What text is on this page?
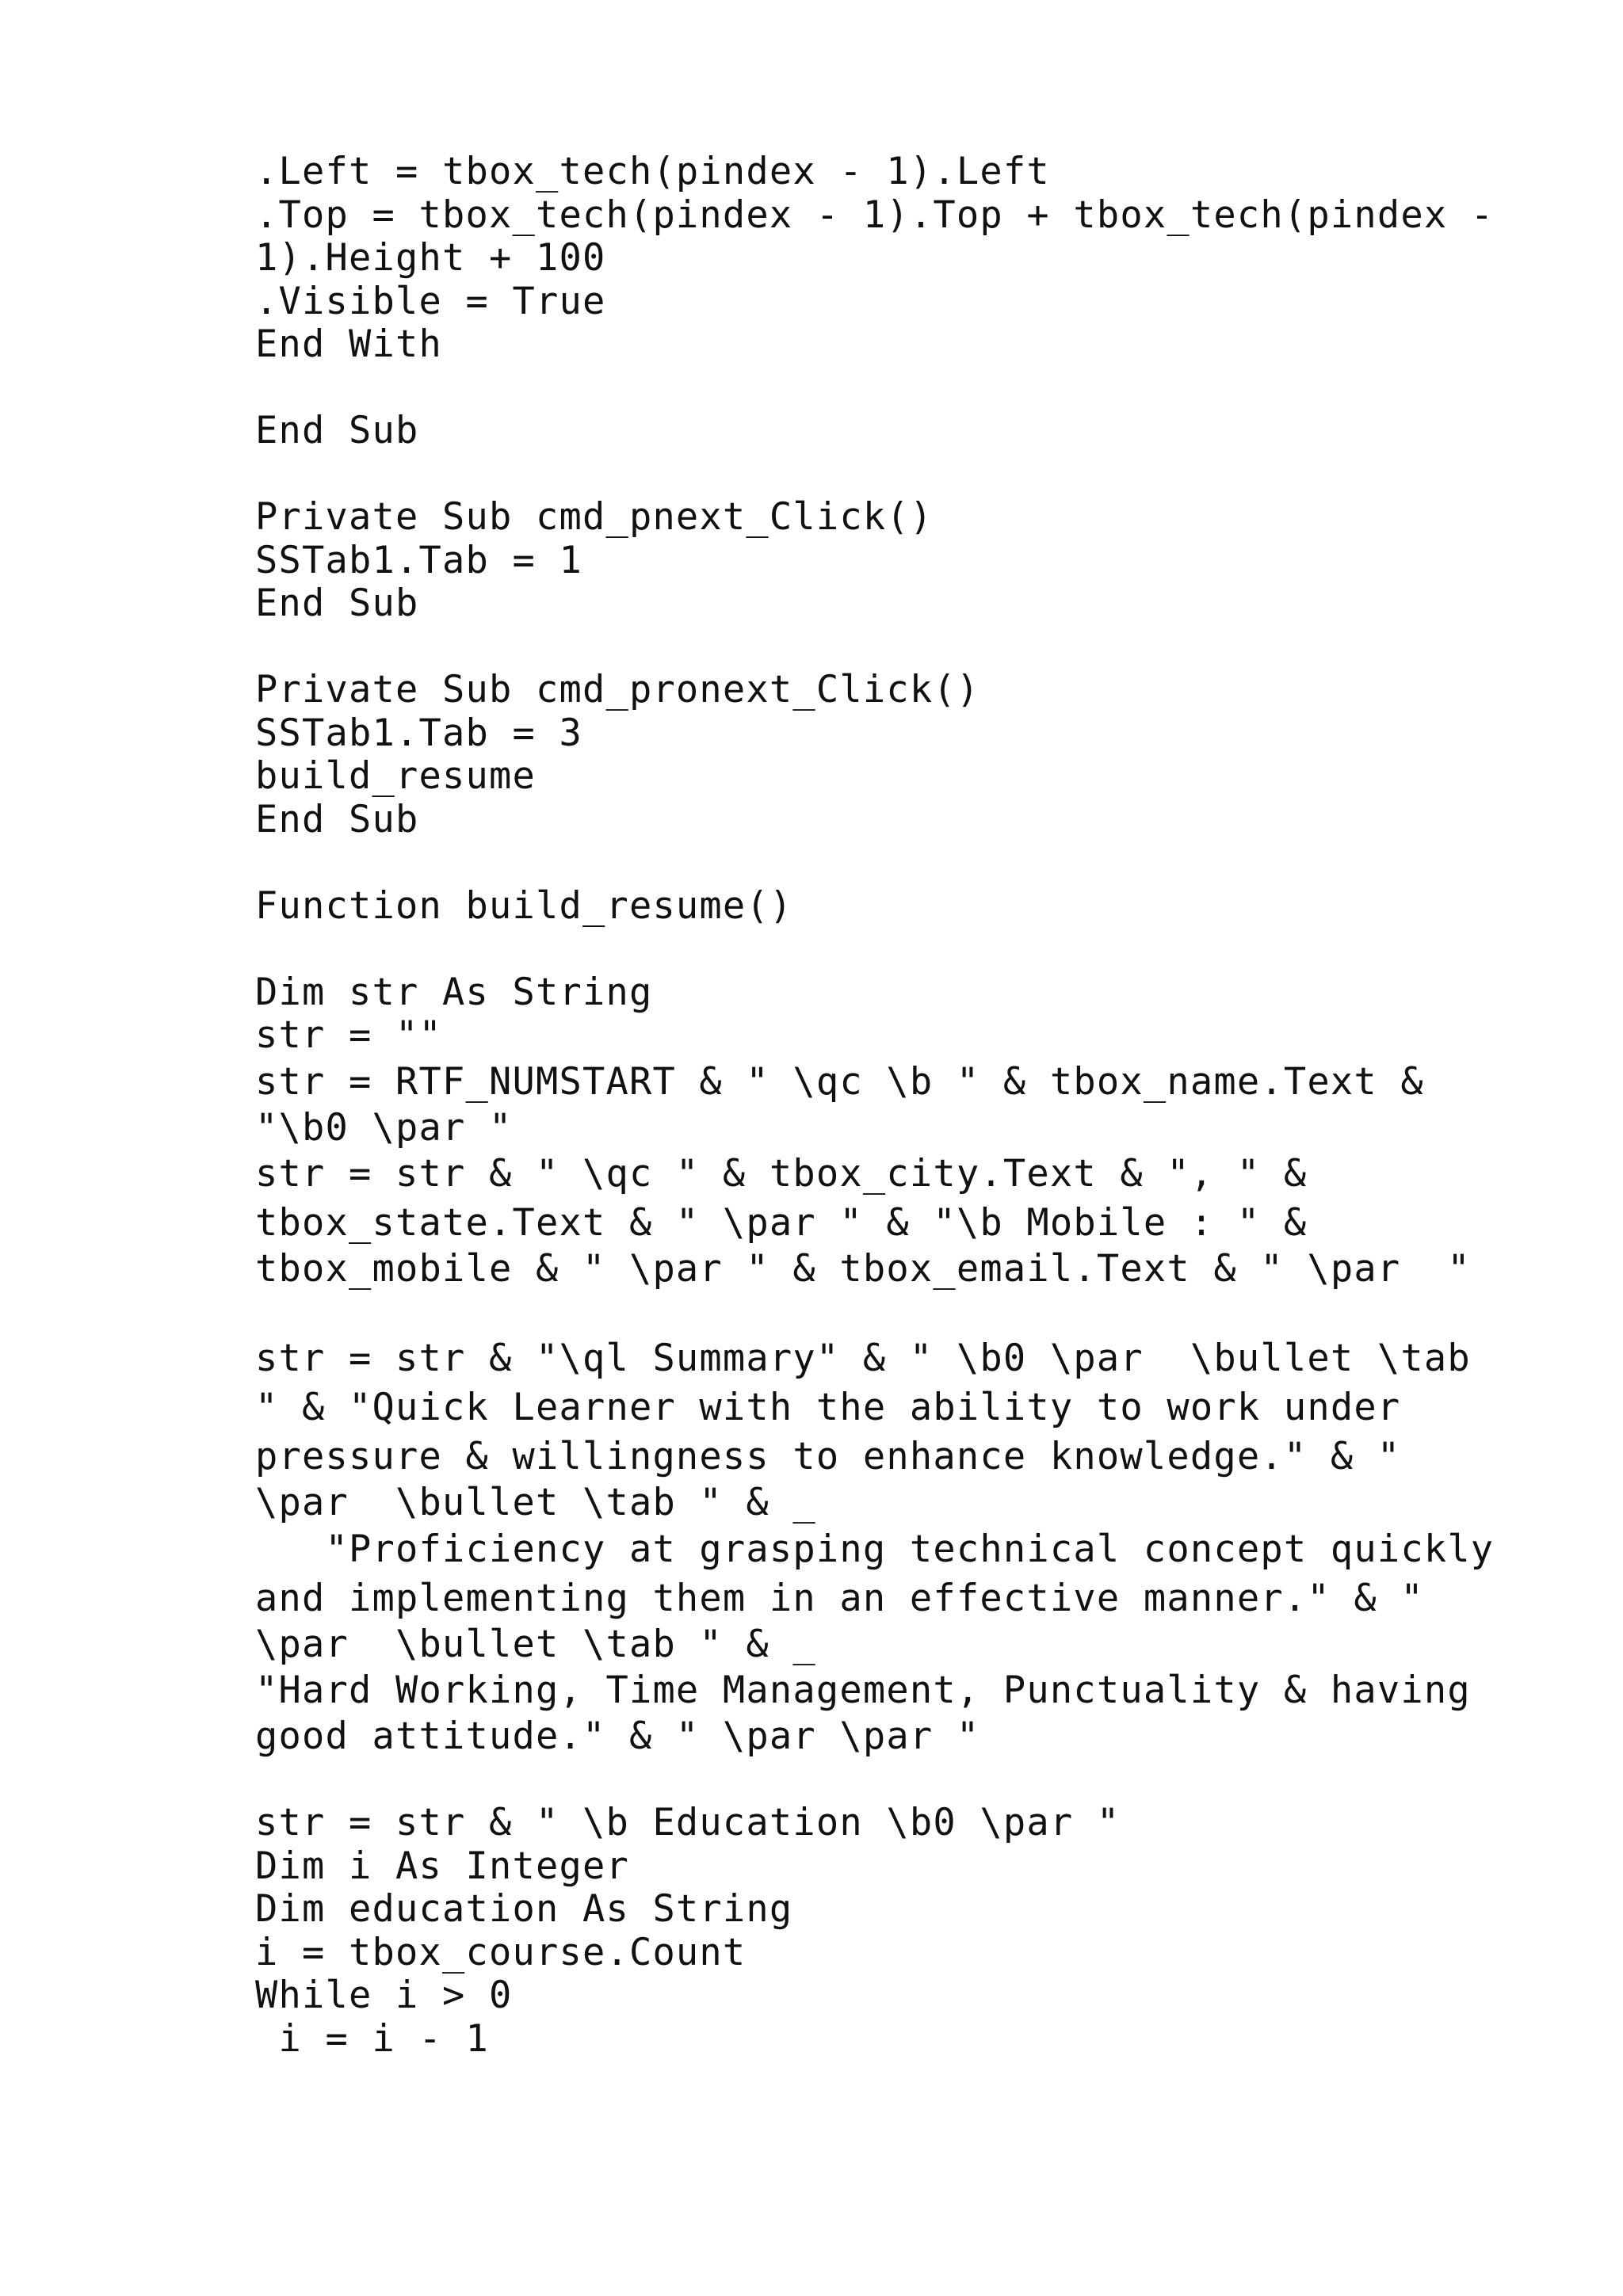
.Left = tbox_tech(pindex - 1).Left
.Top = tbox_tech(pindex - 1).Top + tbox_tech(pindex -
1).Height + 100
.Visible = True
End With
End Sub
Private Sub cmd_pnext_Click()
SSTab1.Tab = 1
End Sub
Private Sub cmd_pronext_Click()
SSTab1.Tab = 3
build_resume
End Sub
Function build_resume()
Dim str As String
str = ""
str = RTF_NUMSTART & " \qc \b " & tbox_name.Text &
"\b0 \par "
str = str & " \qc " & tbox_city.Text & ", " &
tbox_state.Text & " \par " & "\b Mobile : " &
tbox_mobile & " \par " & tbox_email.Text & " \par  "
str = str & "\ql Summary" & " \b0 \par  \bullet \tab
" & "Quick Learner with the ability to work under
pressure & willingness to enhance knowledge." & "
\par  \bullet \tab " & _
"Proficiency at grasping technical concept quickly
and implementing them in an effective manner." & "
\par  \bullet \tab " & _
"Hard Working, Time Management, Punctuality & having
good attitude." & " \par \par "
str = str & " \b Education \b0 \par "
Dim i As Integer
Dim education As String
i = tbox_course.Count
While i > 0
i = i - 1
